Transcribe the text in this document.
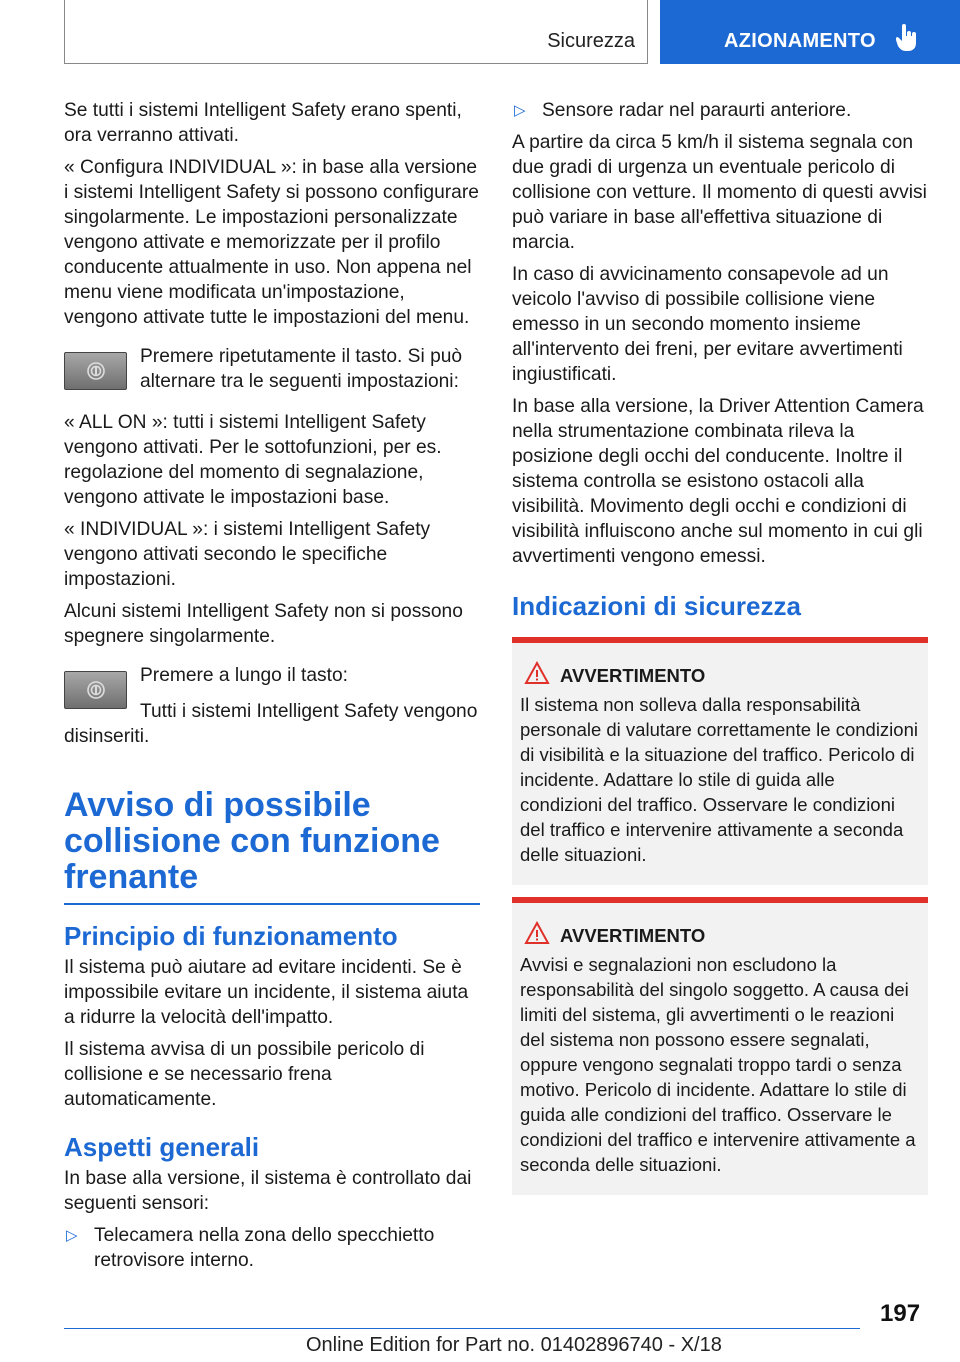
Sicurezza	AZIONAMENTO

Se tutti i sistemi Intelligent Safety erano spenti, ora verranno attivati.

« Configura INDIVIDUAL »: in base alla versione i sistemi Intelligent Safety si possono configurare singolarmente. Le impostazioni personalizzate vengono attivate e memorizzate per il profilo conducente attualmente in uso. Non appena nel menu viene modificata un'impostazione, vengono attivate tutte le impostazioni del menu.

Premere ripetutamente il tasto. Si può alternare tra le seguenti impostazioni:

« ALL ON »: tutti i sistemi Intelligent Safety vengono attivati. Per le sottofunzioni, per es. regolazione del momento di segnalazione, vengono attivate le impostazioni base.

« INDIVIDUAL »: i sistemi Intelligent Safety vengono attivati secondo le specifiche impostazioni.

Alcuni sistemi Intelligent Safety non si possono spegnere singolarmente.

Premere a lungo il tasto:

Tutti i sistemi Intelligent Safety vengono disinseriti.

Avviso di possibile collisione con funzione frenante
Principio di funzionamento

Il sistema può aiutare ad evitare incidenti. Se è impossibile evitare un incidente, il sistema aiuta a ridurre la velocità dell'impatto.

Il sistema avvisa di un possibile pericolo di collisione e se necessario frena automaticamente.

Aspetti generali

In base alla versione, il sistema è controllato dai seguenti sensori:

▷ Telecamera nella zona dello specchietto retrovisore interno.
▷ Sensore radar nel paraurti anteriore.

A partire da circa 5 km/h il sistema segnala con due gradi di urgenza un eventuale pericolo di collisione con vetture. Il momento di questi avvisi può variare in base all'effettiva situazione di marcia.

In caso di avvicinamento consapevole ad un veicolo l'avviso di possibile collisione viene emesso in un secondo momento insieme all'intervento dei freni, per evitare avvertimenti ingiustificati.

In base alla versione, la Driver Attention Camera nella strumentazione combinata rileva la posizione degli occhi del conducente. Inoltre il sistema controlla se esistono ostacoli alla visibilità. Movimento degli occhi e condizioni di visibilità influiscono anche sul momento in cui gli avvertimenti vengono emessi.

Indicazioni di sicurezza
AVVERTIMENTO
Il sistema non solleva dalla responsabilità personale di valutare correttamente le condizioni di visibilità e la situazione del traffico. Pericolo di incidente. Adattare lo stile di guida alle condizioni del traffico. Osservare le condizioni del traffico e intervenire attivamente a seconda delle situazioni.
AVVERTIMENTO
Avvisi e segnalazioni non escludono la responsabilità del singolo soggetto. A causa dei limiti del sistema, gli avvertimenti o le reazioni del sistema non possono essere segnalati, oppure vengono segnalati troppo tardi o senza motivo. Pericolo di incidente. Adattare lo stile di guida alle condizioni del traffico. Osservare le condizioni del traffico e intervenire attivamente a seconda delle situazioni.
197
Online Edition for Part no. 01402896740 - X/18
